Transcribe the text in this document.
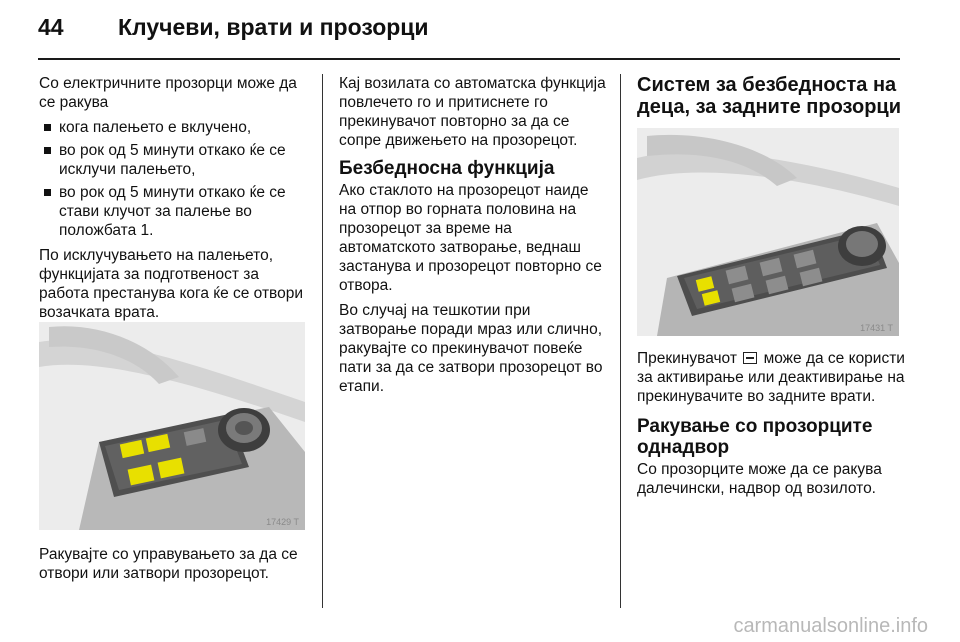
44 Клучеви, врати и прозорци

Со електричните прозорци може да се ракува

кога палењето е вклучено,
во рок од 5 минути откако ќе се исклучи палењето,
во рок од 5 минути откако ќе се стави клучот за палење во положбата 1.

По исклучувањето на палењето, функцијата за подготвеност за работа престанува кога ќе се отвори возачката врата.

17429 T
Ракувајте со управувањето за да се отвори или затвори прозорецот.

Кај возилата со автоматска функција повлечето го и притиснете го прекинувачот повторно за да се сопре движењето на прозорецот.

Безбедносна функција

Ако стаклото на прозорецот наиде на отпор во горната половина на прозорецот за време на автоматското затворање, веднаш застанува и прозорецот повторно се отвора.

Во случај на тешкотии при затворање поради мраз или слично, ракувајте со прекинувачот повеќе пати за да се затвори прозорецот во етапи.

Систем за безбедноста на деца, за задните прозорци
17431 T

Прекинувачот може да се користи за активирање или деактивирање на прекинувачите во задните врати.

Ракување со прозорците однадвор

Со прозорците може да се ракува далечински, надвор од возилото.

carmanualsonline.info
